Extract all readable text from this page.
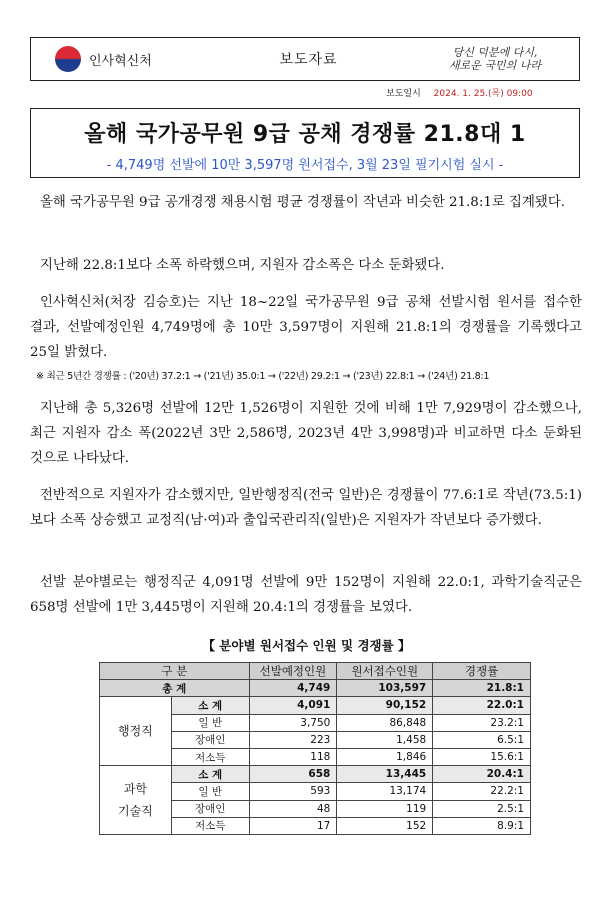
인사혁신처	보도자료	당신 덕분에 다시,
새로운 국민의 나라
보도일시 2024. 1. 25.(목) 09:00
올해 국가공무원 9급 공채 경쟁률 21.8대 1
- 4,749명 선발에 10만 3,597명 원서접수, 3월 23일 필기시험 실시 -
올해 국가공무원 9급 공개경쟁 채용시험 평균 경쟁률이 작년과 비슷한 21.8:1로 집계됐다.
지난해 22.8:1보다 소폭 하락했으며, 지원자 감소폭은 다소 둔화됐다.
인사혁신처(처장 김승호)는 지난 18~22일 국가공무원 9급 공채 선발시험 원서를 접수한 결과, 선발예정인원 4,749명에 총 10만 3,597명이 지원해 21.8:1의 경쟁률을 기록했다고 25일 밝혔다.
※ 최근 5년간 경쟁률 : ('20년) 37.2:1 → ('21년) 35.0:1 → ('22년) 29.2:1 → ('23년) 22.8:1 → ('24년) 21.8:1
지난해 총 5,326명 선발에 12만 1,526명이 지원한 것에 비해 1만 7,929명이 감소했으나, 최근 지원자 감소 폭(2022년 3만 2,586명, 2023년 4만 3,998명)과 비교하면 다소 둔화된 것으로 나타났다.
전반적으로 지원자가 감소했지만, 일반행정직(전국 일반)은 경쟁률이 77.6:1로 작년(73.5:1)보다 소폭 상승했고 교정직(남·여)과 출입국관리직(일반)은 지원자가 작년보다 증가했다.
선발 분야별로는 행정직군 4,091명 선발에 9만 152명이 지원해 22.0:1, 과학기술직군은 658명 선발에 1만 3,445명이 지원해 20.4:1의 경쟁률을 보였다.
【 분야별 원서접수 인원 및 경쟁률 】
구 분		선발예정인원	원서접수인원	경쟁률
총 계		4,749	103,597	21.8:1

행정직	소 계	4,091	90,152	22.0:1
	일 반	3,750	86,848	23.2:1
	장애인	223	1,458	6.5:1
	저소득	118	1,846	15.6:1

과학
기술직	소 계	658	13,445	20.4:1
	일 반	593	13,174	22.2:1
	장애인	48	119	2.5:1
	저소득	17	152	8.9:1
